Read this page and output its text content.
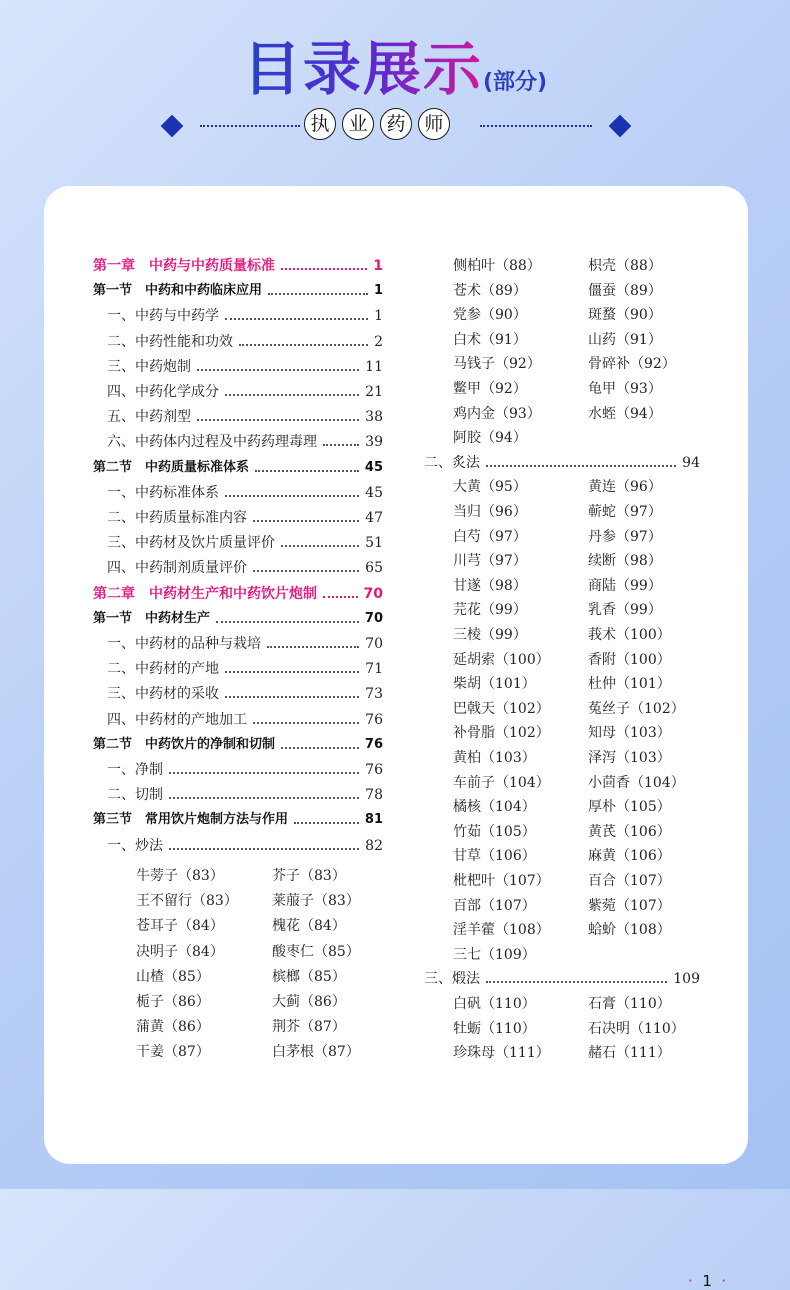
目录展示(部分)
执 业 药 师
第一章　中药与中药质量标准	1
第一节　中药和中药临床应用	1
一、中药与中药学	1
二、中药性能和功效	2
三、中药炮制	11
四、中药化学成分	21
五、中药剂型	38
六、中药体内过程及中药药理毒理	39
第二节　中药质量标准体系	45
一、中药标准体系	45
二、中药质量标准内容	47
三、中药材及饮片质量评价	51
四、中药制剂质量评价	65
第二章　中药材生产和中药饮片炮制	70
第一节　中药材生产	70
一、中药材的品种与栽培	70
二、中药材的产地	71
三、中药材的采收	73
四、中药材的产地加工	76
第二节　中药饮片的净制和切制	76
一、净制	76
二、切制	78
第三节　常用饮片炮制方法与作用	81
一、炒法	82
牛蒡子（83）	芥子（83）
王不留行（83） 莱菔子（83）
苍耳子（84）	槐花（84）
决明子（84）	酸枣仁（85）
山楂（85）	槟榔（85）
栀子（86）	大蓟（86）
蒲黄（86）	荆芥（87）
干姜（87）	白茅根（87）
侧柏叶（88）	枳壳（88）
苍术（89）	僵蚕（89）
党参（90）	斑蝥（90）
白术（91）	山药（91）
马钱子（92）	骨碎补（92）
鳖甲（92）	龟甲（93）
鸡内金（93）	水蛭（94）
阿胶（94）
二、炙法	94
大黄（95）	黄连（96）
当归（96）	蕲蛇（97）
白芍（97）	丹参（97）
川芎（97）	续断（98）
甘遂（98）	商陆（99）
芫花（99）	乳香（99）
三棱（99）	莪术（100）
延胡索（100）	香附（100）
柴胡（101）	杜仲（101）
巴戟天（102）	菟丝子（102）
补骨脂（102）	知母（103）
黄柏（103）	泽泻（103）
车前子（104）	小茴香（104）
橘核（104）	厚朴（105）
竹茹（105）	黄芪（106）
甘草（106）	麻黄（106）
枇杷叶（107）	百合（107）
百部（107）	紫菀（107）
淫羊藿（108）	蛤蚧（108）
三七（109）
三、煅法	109
白矾（110）	石膏（110）
牡蛎（110）	石决明（110）
珍珠母（111）	赭石（111）
· 1 ·
